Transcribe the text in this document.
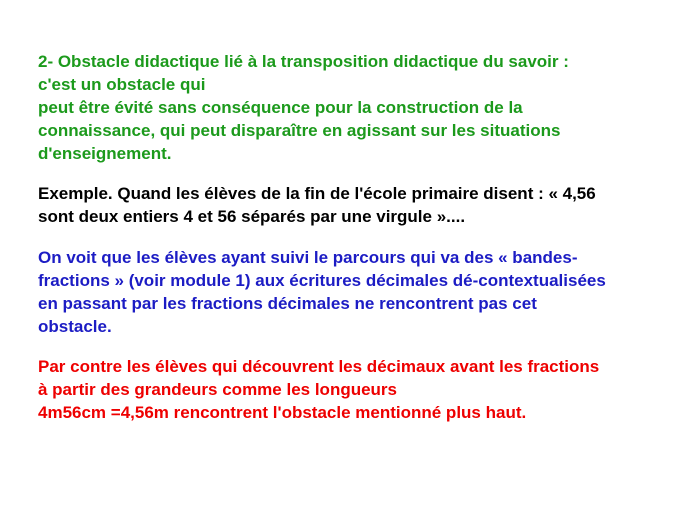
2- Obstacle didactique lié à la transposition didactique du savoir :
c'est un obstacle qui
peut être évité sans conséquence pour la construction de la
connaissance, qui peut disparaître en agissant sur les situations
d'enseignement.

Exemple. Quand les élèves de la fin de l'école primaire disent : « 4,56
sont deux entiers 4 et 56 séparés par une virgule »....

On voit que les élèves ayant suivi le parcours qui va des « bandes-
fractions » (voir module 1) aux écritures décimales dé-contextualisées
en passant par les fractions décimales ne rencontrent pas cet
obstacle.

Par contre les élèves qui découvrent les décimaux avant les fractions
à partir des grandeurs comme les longueurs
4m56cm =4,56m rencontrent l'obstacle mentionné plus haut.
